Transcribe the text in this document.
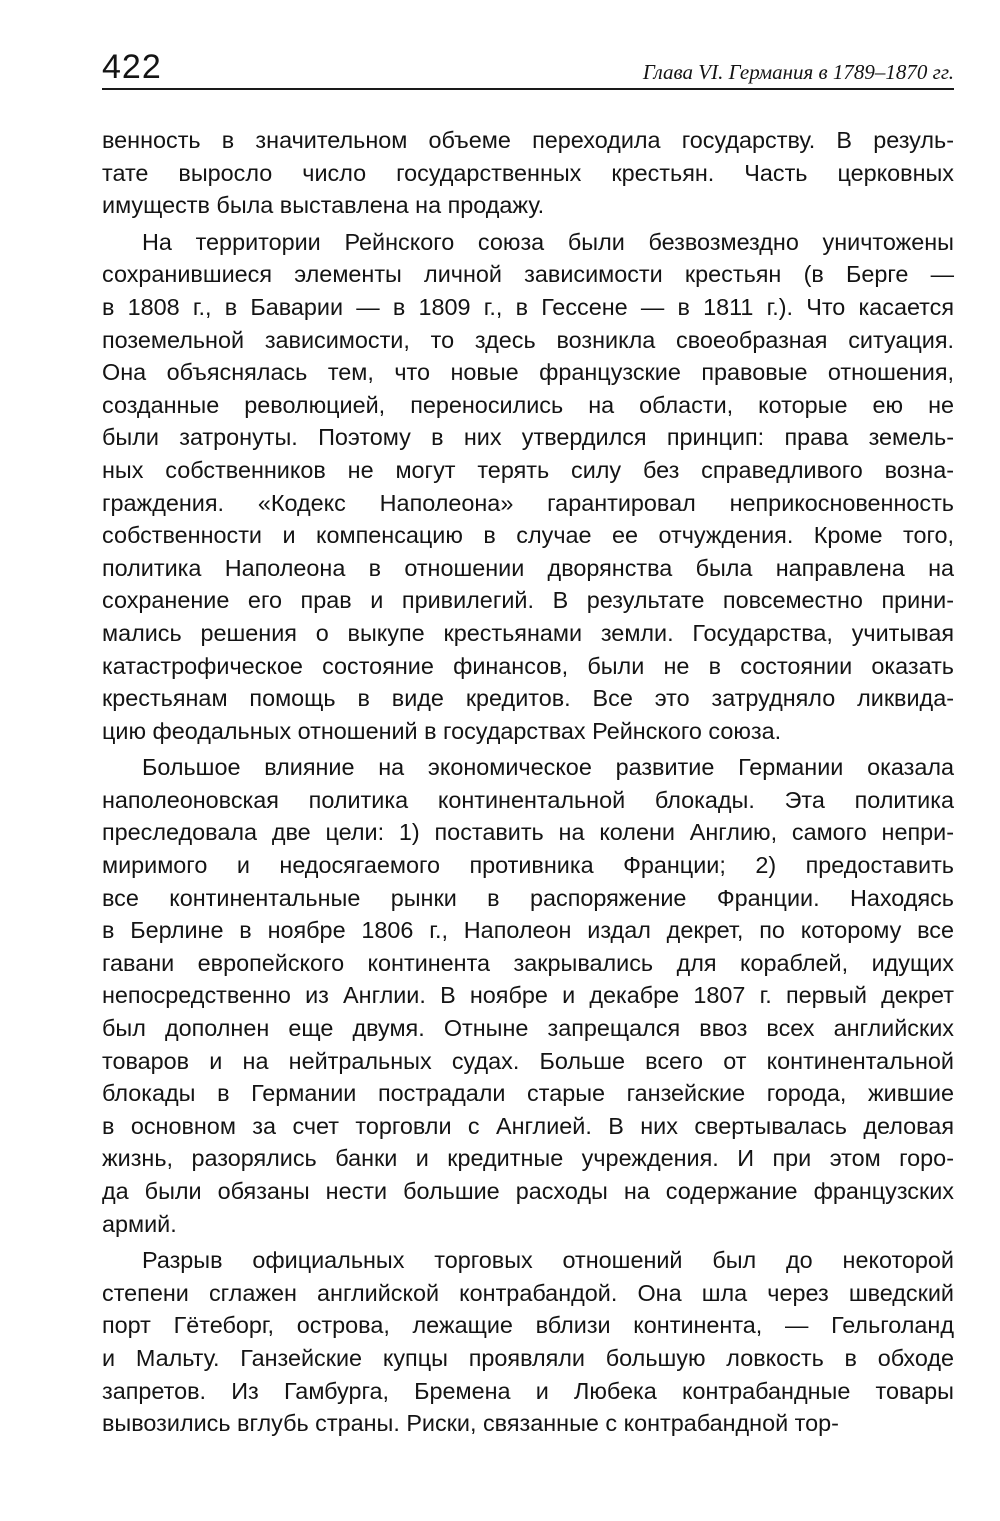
422	Глава VI. Германия в 1789–1870 гг.
венность в значительном объеме переходила государству. В резуль-
тате выросло число государственных крестьян. Часть церковных
имуществ была выставлена на продажу.
На территории Рейнского союза были безвозмездно уничтожены
сохранившиеся элементы личной зависимости крестьян (в Берге —
в 1808 г., в Баварии — в 1809 г., в Гессене — в 1811 г.). Что касается
поземельной зависимости, то здесь возникла своеобразная ситуация.
Она объяснялась тем, что новые французские правовые отношения,
созданные революцией, переносились на области, которые ею не
были затронуты. Поэтому в них утвердился принцип: права земель-
ных собственников не могут терять силу без справедливого возна-
граждения. «Кодекс Наполеона» гарантировал неприкосновенность
собственности и компенсацию в случае ее отчуждения. Кроме того,
политика Наполеона в отношении дворянства была направлена на
сохранение его прав и привилегий. В результате повсеместно прини-
мались решения о выкупе крестьянами земли. Государства, учитывая
катастрофическое состояние финансов, были не в состоянии оказать
крестьянам помощь в виде кредитов. Все это затрудняло ликвида-
цию феодальных отношений в государствах Рейнского союза.
Большое влияние на экономическое развитие Германии оказала
наполеоновская политика континентальной блокады. Эта политика
преследовала две цели: 1) поставить на колени Англию, самого непри-
миримого и недосягаемого противника Франции; 2) предоставить
все континентальные рынки в распоряжение Франции. Находясь
в Берлине в ноябре 1806 г., Наполеон издал декрет, по которому все
гавани европейского континента закрывались для кораблей, идущих
непосредственно из Англии. В ноябре и декабре 1807 г. первый декрет
был дополнен еще двумя. Отныне запрещался ввоз всех английских
товаров и на нейтральных судах. Больше всего от континентальной
блокады в Германии пострадали старые ганзейские города, жившие
в основном за счет торговли с Англией. В них свертывалась деловая
жизнь, разорялись банки и кредитные учреждения. И при этом горо-
да были обязаны нести большие расходы на содержание французских
армий.
Разрыв официальных торговых отношений был до некоторой
степени сглажен английской контрабандой. Она шла через шведский
порт Гётеборг, острова, лежащие вблизи континента, — Гельголанд
и Мальту. Ганзейские купцы проявляли большую ловкость в обходе
запретов. Из Гамбурга, Бремена и Любека контрабандные товары
вывозились вглубь страны. Риски, связанные с контрабандной тор-
